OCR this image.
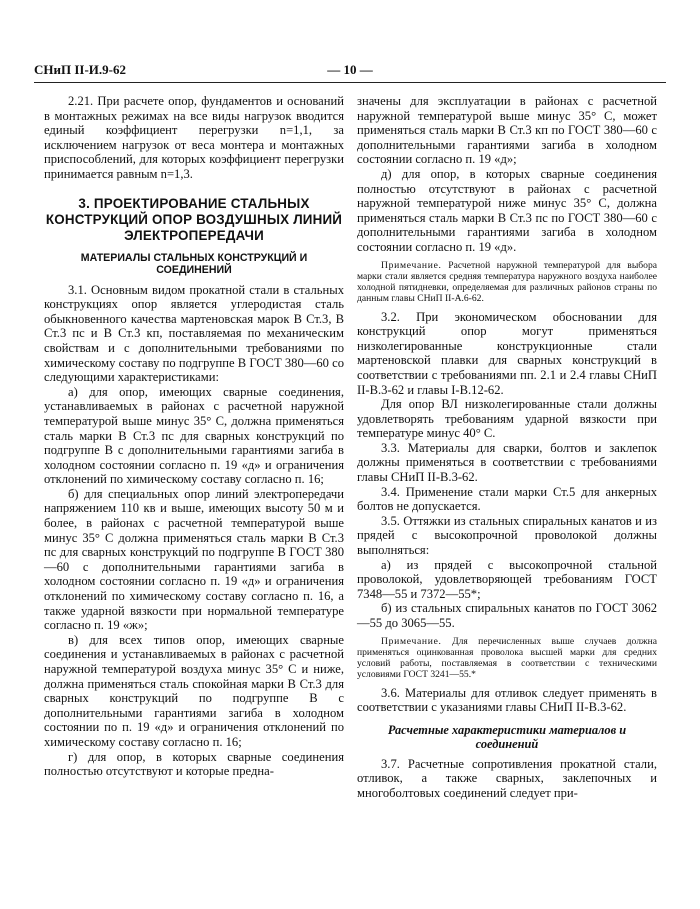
СНиП II-И.9-62	— 10 —

2.21. При расчете опор, фундаментов и оснований в монтажных режимах на все виды нагрузок вводится единый коэффициент перегрузки n=1,1, за исключением нагрузок от веса монтера и монтажных приспособлений, для которых коэффициент перегрузки принимается равным n=1,3.

3. ПРОЕКТИРОВАНИЕ СТАЛЬНЫХ КОНСТРУКЦИЙ ОПОР ВОЗДУШНЫХ ЛИНИЙ ЭЛЕКТРОПЕРЕДАЧИ
МАТЕРИАЛЫ СТАЛЬНЫХ КОНСТРУКЦИЙ И СОЕДИНЕНИЙ

3.1. Основным видом прокатной стали в стальных конструкциях опор является углеродистая сталь обыкновенного качества мартеновская марок В Ст.3, В Ст.3 пс и В Ст.3 кп, поставляемая по механическим свойствам и с дополнительными требованиями по химическому составу по подгруппе В ГОСТ 380—60 со следующими характеристиками:

а) для опор, имеющих сварные соединения, устанавливаемых в районах с расчетной наружной температурой выше минус 35° С, должна применяться сталь марки В Ст.3 пс для сварных конструкций по подгруппе В с дополнительными гарантиями загиба в холодном состоянии согласно п. 19 «д» и ограничения отклонений по химическому составу согласно п. 16;

б) для специальных опор линий электропередачи напряжением 110 кв и выше, имеющих высоту 50 м и более, в районах с расчетной температурой выше минус 35° С должна применяться сталь марки В Ст.3 пс для сварных конструкций по подгруппе В ГОСТ 380—60 с дополнительными гарантиями загиба в холодном состоянии согласно п. 19 «д» и ограничения отклонений по химическому составу согласно п. 16, а также ударной вязкости при нормальной температуре согласно п. 19 «ж»;

в) для всех типов опор, имеющих сварные соединения и устанавливаемых в районах с расчетной наружной температурой воздуха минус 35° С и ниже, должна применяться сталь спокойная марки В Ст.3 для сварных конструкций по подгруппе В с дополнительными гарантиями загиба в холодном состоянии по п. 19 «д» и ограничения отклонений по химическому составу согласно п. 16;

г) для опор, в которых сварные соединения полностью отсутствуют и которые предна-

значены для эксплуатации в районах с расчетной наружной температурой выше минус 35° С, может применяться сталь марки В Ст.3 кп по ГОСТ 380—60 с дополнительными гарантиями загиба в холодном состоянии согласно п. 19 «д»;

д) для опор, в которых сварные соединения полностью отсутствуют в районах с расчетной наружной температурой ниже минус 35° С, должна применяться сталь марки В Ст.3 пс по ГОСТ 380—60 с дополнительными гарантиями загиба в холодном состоянии согласно п. 19 «д».

Примечание. Расчетной наружной температурой для выбора марки стали является средняя температура наружного воздуха наиболее холодной пятидневки, определяемая для различных районов страны по данным главы СНиП II-А.6-62.

3.2. При экономическом обосновании для конструкций опор могут применяться низколегированные конструкционные стали мартеновской плавки для сварных конструкций в соответствии с требованиями пп. 2.1 и 2.4 главы СНиП II-В.3-62 и главы I-В.12-62.

Для опор ВЛ низколегированные стали должны удовлетворять требованиям ударной вязкости при температуре минус 40° С.

3.3. Материалы для сварки, болтов и заклепок должны применяться в соответствии с требованиями главы СНиП II-В.3-62.

3.4. Применение стали марки Ст.5 для анкерных болтов не допускается.

3.5. Оттяжки из стальных спиральных канатов и из прядей с высокопрочной проволокой должны выполняться:

а) из прядей с высокопрочной стальной проволокой, удовлетворяющей требованиям ГОСТ 7348—55 и 7372—55*;

б) из стальных спиральных канатов по ГОСТ 3062—55 до 3065—55.

Примечание. Для перечисленных выше случаев должна применяться оцинкованная проволока высшей марки для средних условий работы, поставляемая в соответствии с техническими условиями ГОСТ 3241—55.*

3.6. Материалы для отливок следует применять в соответствии с указаниями главы СНиП II-В.3-62.

Расчетные характеристики материалов и соединений

3.7. Расчетные сопротивления прокатной стали, отливок, а также сварных, заклепочных и многоболтовых соединений следует при-
